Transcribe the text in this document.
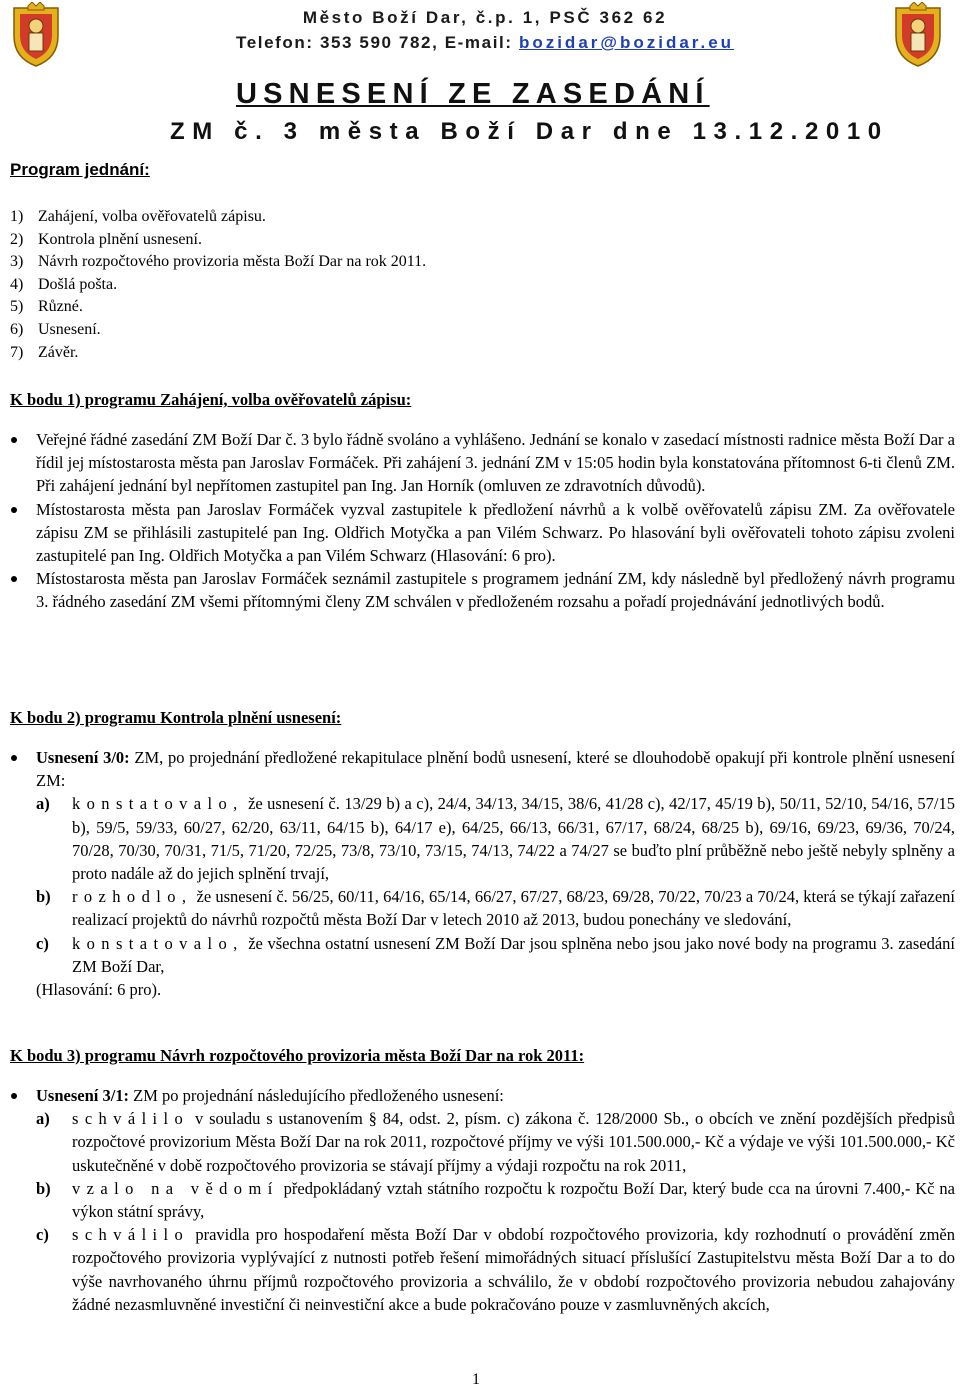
Město Boží Dar, č.p. 1, PSČ 362 62
Telefon: 353 590 782, E-mail: bozidar@bozidar.eu
USNESENÍ ZE ZASEDÁNÍ
ZM č. 3 města Boží Dar dne 13.12.2010
Program jednání:
1) Zahájení, volba ověřovatelů zápisu.
2) Kontrola plnění usnesení.
3) Návrh rozpočtového provizoria města Boží Dar na rok 2011.
4) Došlá pošta.
5) Různé.
6) Usnesení.
7) Závěr.
K bodu 1) programu Zahájení, volba ověřovatelů zápisu:
Veřejné řádné zasedání ZM Boží Dar č. 3 bylo řádně svoláno a vyhlášeno. Jednání se konalo v zasedací místnosti radnice města Boží Dar a řídil jej místostarosta města pan Jaroslav Formáček. Při zahájení 3. jednání ZM v 15:05 hodin byla konstatována přítomnost 6-ti členů ZM. Při zahájení jednání byl nepřítomen zastupitel pan Ing. Jan Horník (omluven ze zdravotních důvodů).
Místostarosta města pan Jaroslav Formáček vyzval zastupitele k předložení návrhů a k volbě ověřovatelů zápisu ZM. Za ověřovatele zápisu ZM se přihlásili zastupitelé pan Ing. Oldřich Motyčka a pan Vilém Schwarz. Po hlasování byli ověřovateli tohoto zápisu zvoleni zastupitelé pan Ing. Oldřich Motyčka a pan Vilém Schwarz (Hlasování: 6 pro).
Místostarosta města pan Jaroslav Formáček seznámil zastupitele s programem jednání ZM, kdy následně byl předložený návrh programu 3. řádného zasedání ZM všemi přítomnými členy ZM schválen v předloženém rozsahu a pořadí projednávání jednotlivých bodů.
K bodu 2) programu Kontrola plnění usnesení:
Usnesení 3/0: ZM, po projednání předložené rekapitulace plnění bodů usnesení, které se dlouhodobě opakují při kontrole plnění usnesení ZM:
a) konstatovalo, že usnesení č. 13/29 b) a c), 24/4, 34/13, 34/15, 38/6, 41/28 c), 42/17, 45/19 b), 50/11, 52/10, 54/16, 57/15 b), 59/5, 59/33, 60/27, 62/20, 63/11, 64/15 b), 64/17 e), 64/25, 66/13, 66/31, 67/17, 68/24, 68/25 b), 69/16, 69/23, 69/36, 70/24, 70/28, 70/30, 70/31, 71/5, 71/20, 72/25, 73/8, 73/10, 73/15, 74/13, 74/22 a 74/27 se buďto plní průběžně nebo ještě nebyly splněny a proto nadále až do jejich splnění trvají,
b) rozhodlo, že usnesení č. 56/25, 60/11, 64/16, 65/14, 66/27, 67/27, 68/23, 69/28, 70/22, 70/23 a 70/24, která se týkají zařazení realizací projektů do návrhů rozpočtů města Boží Dar v letech 2010 až 2013, budou ponechány ve sledování,
c) konstatovalo, že všechna ostatní usnesení ZM Boží Dar jsou splněna nebo jsou jako nové body na programu 3. zasedání ZM Boží Dar,
(Hlasování: 6 pro).
K bodu 3) programu Návrh rozpočtového provizoria města Boží Dar na rok 2011:
Usnesení 3/1: ZM po projednání následujícího předloženého usnesení:
a) schválilo v souladu s ustanovením § 84, odst. 2, písm. c) zákona č. 128/2000 Sb., o obcích ve znění pozdějších předpisů rozpočtové provizorium Města Boží Dar na rok 2011, rozpočtové příjmy ve výši 101.500.000,- Kč a výdaje ve výši 101.500.000,- Kč uskutečněné v době rozpočtového provizoria se stávají příjmy a výdaji rozpočtu na rok 2011,
b) vzalo na vědomí předpokládaný vztah státního rozpočtu k rozpočtu Boží Dar, který bude cca na úrovni 7.400,- Kč na výkon státní správy,
c) schválilo pravidla pro hospodaření města Boží Dar v období rozpočtového provizoria, kdy rozhodnutí o provádění změn rozpočtového provizoria vyplývající z nutnosti potřeb řešení mimořádných situací příslušící Zastupitelstvu města Boží Dar a to do výše navrhovaného úhrnu příjmů rozpočtového provizoria a schválilo, že v období rozpočtového provizoria nebudou zahajovány žádné nezasmluvněné investiční či neinvestiční akce a bude pokračováno pouze v zasmluvněných akcích,
1
